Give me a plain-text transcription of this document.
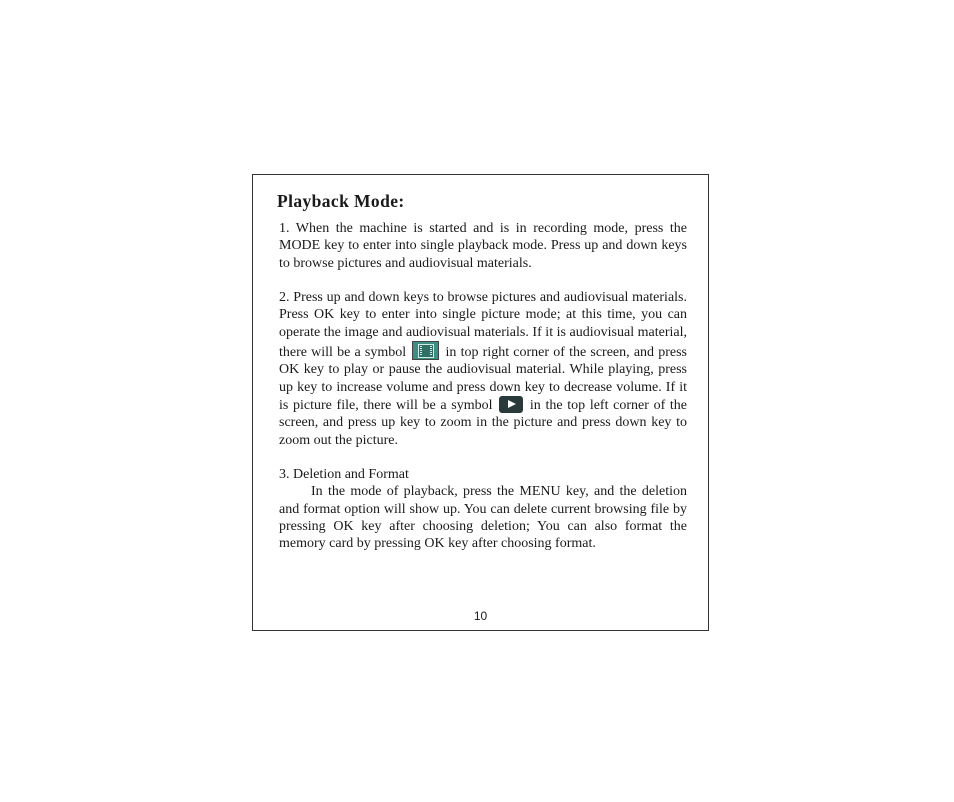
Playback Mode:

1. When the machine is started and is in recording mode, press the MODE key to enter into single playback mode. Press up and down keys to browse pictures and audiovisual materials.

2. Press up and down keys to browse pictures and audiovisual materials. Press OK key to enter into single picture mode; at this time, you can operate the image and audiovisual materials. If it is audiovisual material, there will be a symbol	in top right corner of the screen, and press OK key to play or pause the audiovisual material. While playing, press up key to increase volume and press down key to decrease volume. If it is picture file, there will be a symbol	in the top left corner of the screen, and press up key to zoom in the picture and press down key to zoom out the picture.

3. Deletion and Format

In the mode of playback, press the MENU key, and the deletion and format option will show up. You can delete current browsing file by pressing OK key after choosing deletion; You can also format the memory card by pressing OK key after choosing format.

10
